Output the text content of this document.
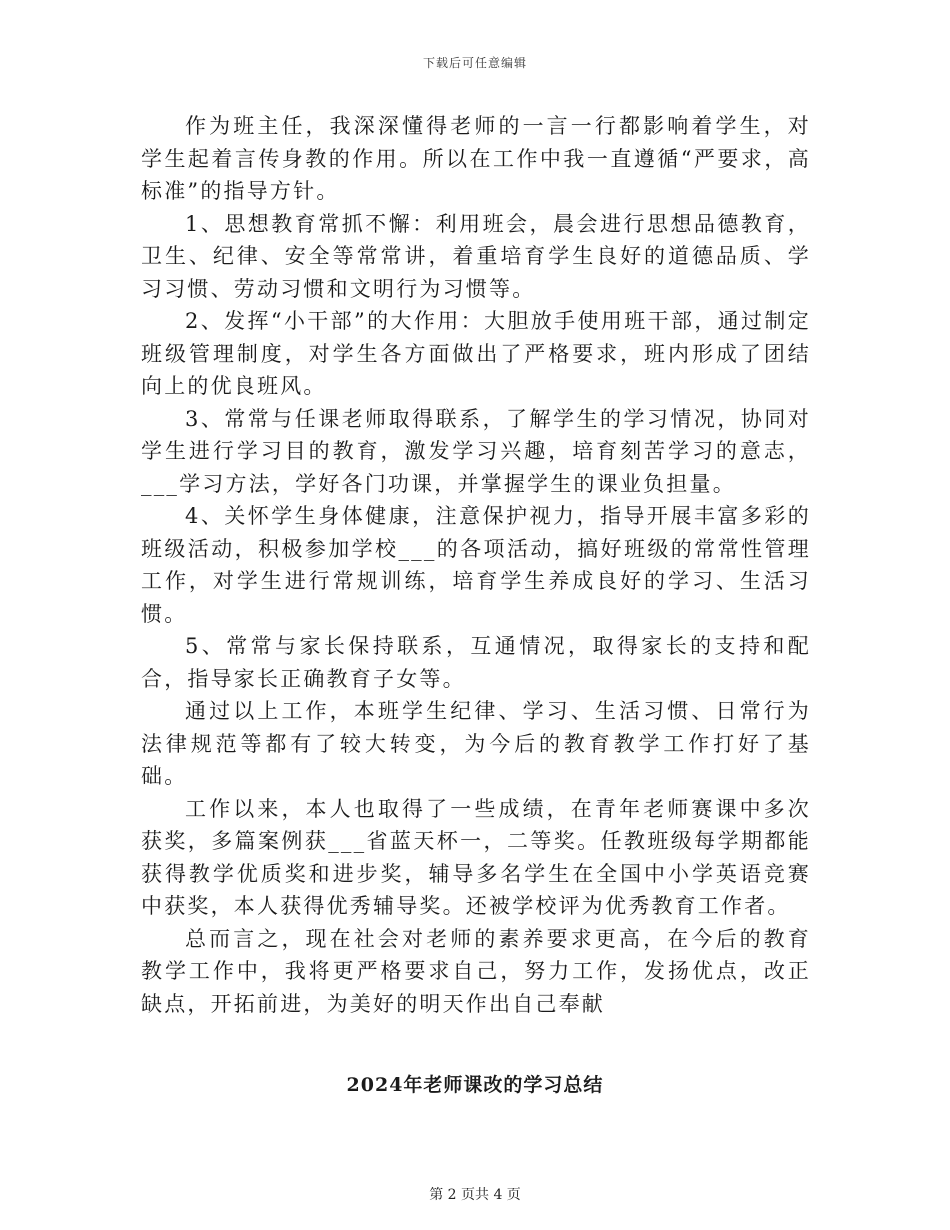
下载后可任意编辑

作为班主任，我深深懂得老师的一言一行都影响着学生，对学生起着言传身教的作用。所以在工作中我一直遵循“严要求，高标准”的指导方针。

1、思想教育常抓不懈：利用班会，晨会进行思想品德教育，卫生、纪律、安全等常常讲，着重培育学生良好的道德品质、学习习惯、劳动习惯和文明行为习惯等。

2、发挥“小干部”的大作用：大胆放手使用班干部，通过制定班级管理制度，对学生各方面做出了严格要求，班内形成了团结向上的优良班风。

3、常常与任课老师取得联系，了解学生的学习情况，协同对学生进行学习目的教育，激发学习兴趣，培育刻苦学习的意志，___学习方法，学好各门功课，并掌握学生的课业负担量。

4、关怀学生身体健康，注意保护视力，指导开展丰富多彩的班级活动，积极参加学校___的各项活动，搞好班级的常常性管理工作，对学生进行常规训练，培育学生养成良好的学习、生活习惯。

5、常常与家长保持联系，互通情况，取得家长的支持和配合，指导家长正确教育子女等。

通过以上工作，本班学生纪律、学习、生活习惯、日常行为法律规范等都有了较大转变，为今后的教育教学工作打好了基础。

工作以来，本人也取得了一些成绩，在青年老师赛课中多次获奖，多篇案例获___省蓝天杯一，二等奖。任教班级每学期都能获得教学优质奖和进步奖，辅导多名学生在全国中小学英语竞赛中获奖，本人获得优秀辅导奖。还被学校评为优秀教育工作者。

总而言之，现在社会对老师的素养要求更高，在今后的教育教学工作中，我将更严格要求自己，努力工作，发扬优点，改正缺点，开拓前进，为美好的明天作出自己奉献

2024年老师课改的学习总结
第 2 页共 4 页
